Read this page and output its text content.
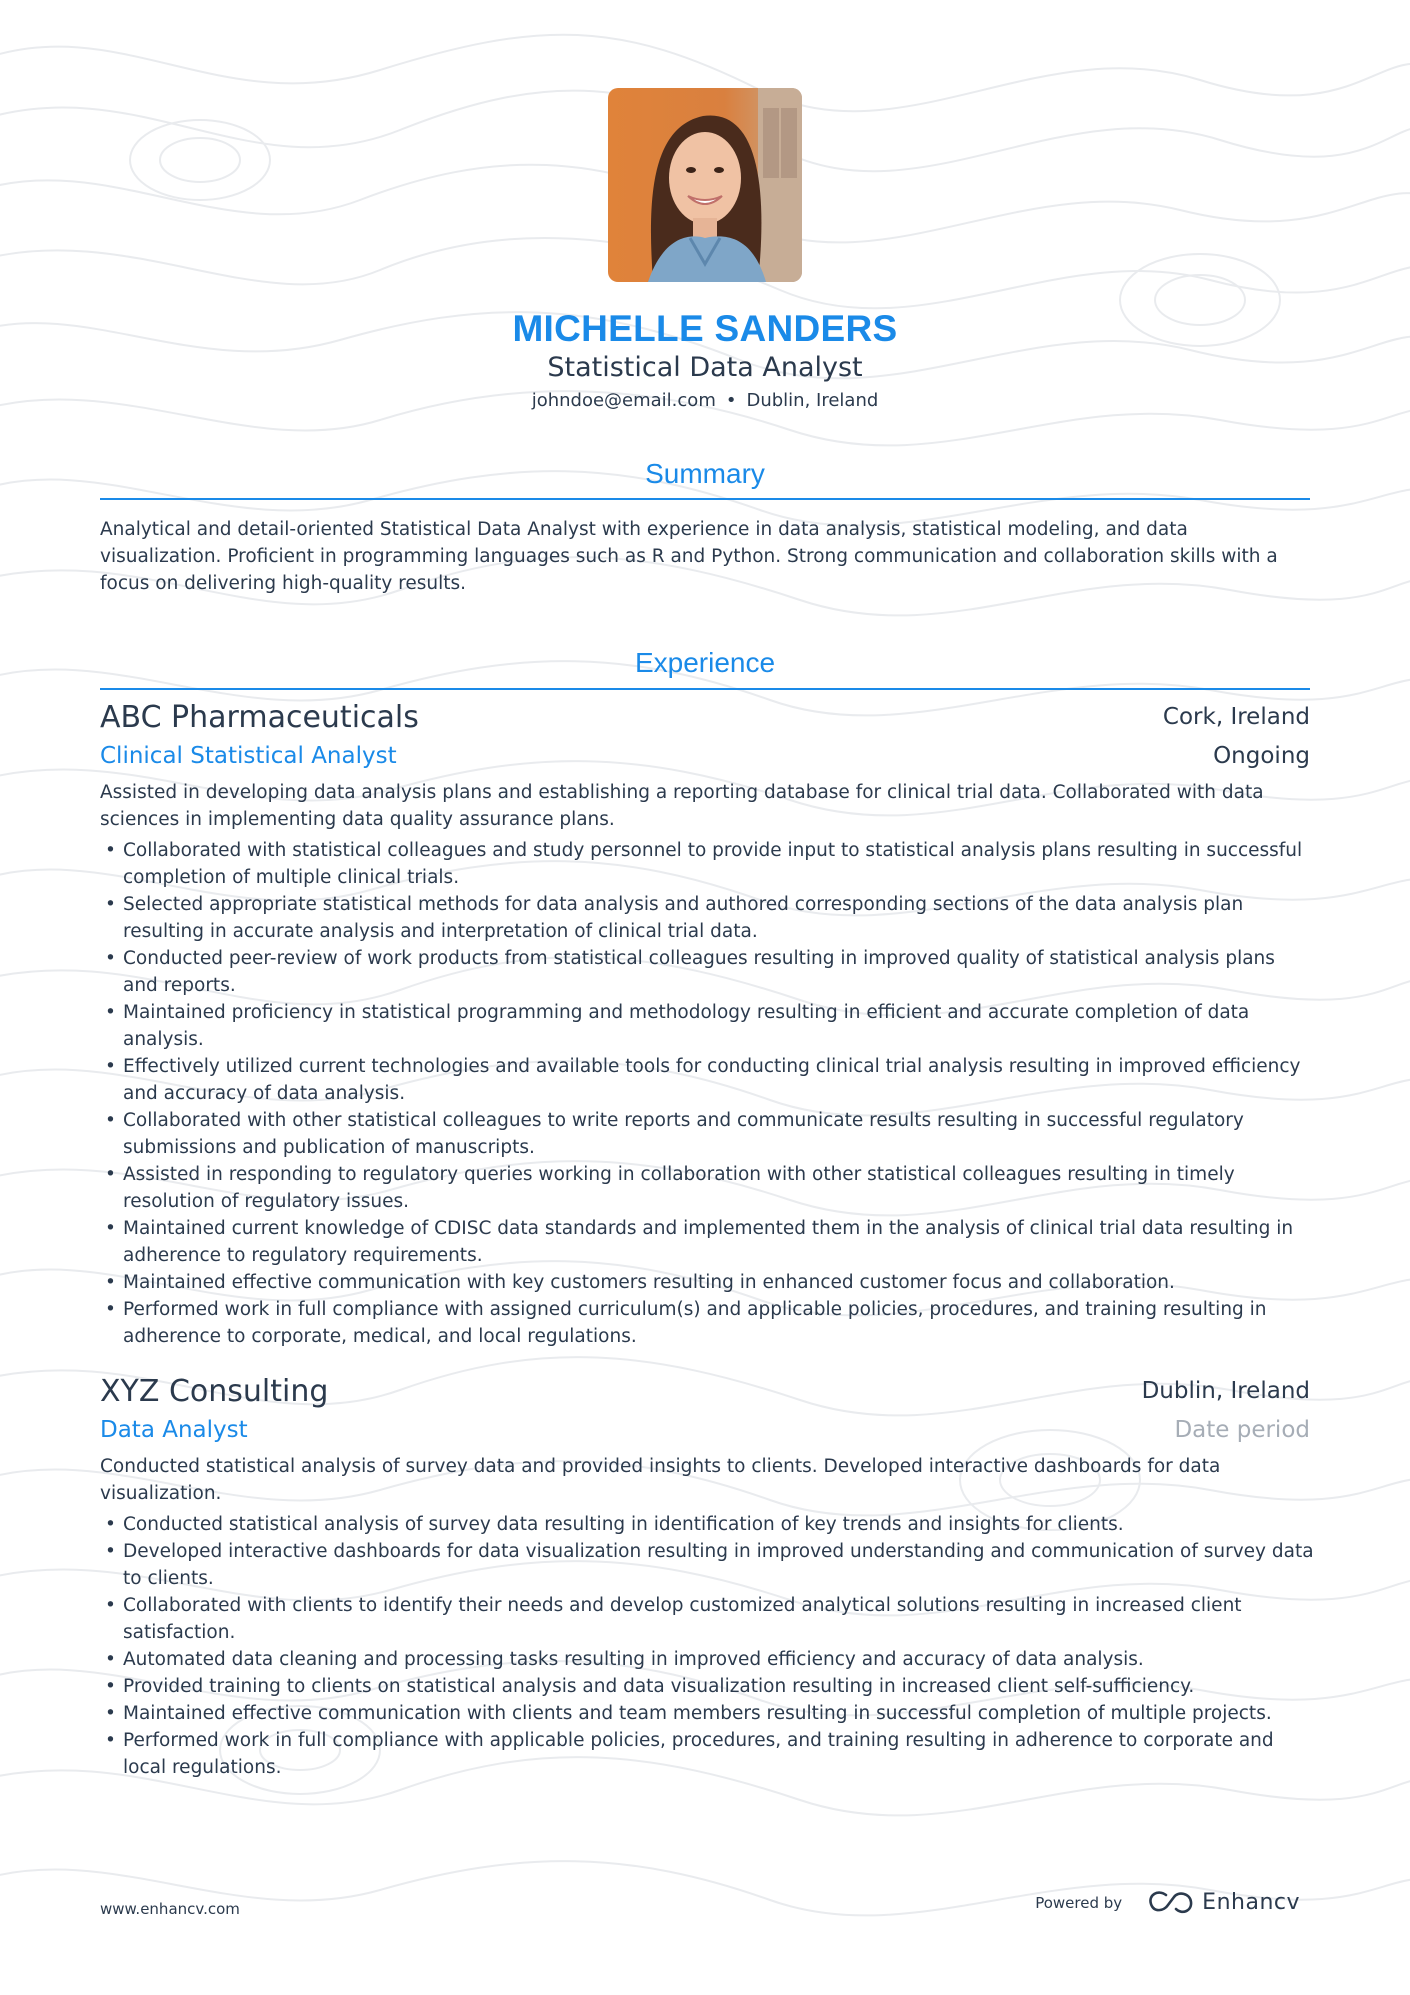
MICHELLE SANDERS
Statistical Data Analyst
johndoe@email.com • Dublin, Ireland
Summary
Analytical and detail-oriented Statistical Data Analyst with experience in data analysis, statistical modeling, and data visualization. Proficient in programming languages such as R and Python. Strong communication and collaboration skills with a focus on delivering high-quality results.
Experience
ABC Pharmaceuticals	Cork, Ireland
Clinical Statistical Analyst	Ongoing
Assisted in developing data analysis plans and establishing a reporting database for clinical trial data. Collaborated with data sciences in implementing data quality assurance plans.
• Collaborated with statistical colleagues and study personnel to provide input to statistical analysis plans resulting in successful completion of multiple clinical trials.
• Selected appropriate statistical methods for data analysis and authored corresponding sections of the data analysis plan resulting in accurate analysis and interpretation of clinical trial data.
• Conducted peer-review of work products from statistical colleagues resulting in improved quality of statistical analysis plans and reports.
• Maintained proficiency in statistical programming and methodology resulting in efficient and accurate completion of data analysis.
• Effectively utilized current technologies and available tools for conducting clinical trial analysis resulting in improved efficiency and accuracy of data analysis.
• Collaborated with other statistical colleagues to write reports and communicate results resulting in successful regulatory submissions and publication of manuscripts.
• Assisted in responding to regulatory queries working in collaboration with other statistical colleagues resulting in timely resolution of regulatory issues.
• Maintained current knowledge of CDISC data standards and implemented them in the analysis of clinical trial data resulting in adherence to regulatory requirements.
• Maintained effective communication with key customers resulting in enhanced customer focus and collaboration.
• Performed work in full compliance with assigned curriculum(s) and applicable policies, procedures, and training resulting in adherence to corporate, medical, and local regulations.
XYZ Consulting	Dublin, Ireland
Data Analyst	Date period
Conducted statistical analysis of survey data and provided insights to clients. Developed interactive dashboards for data visualization.
• Conducted statistical analysis of survey data resulting in identification of key trends and insights for clients.
• Developed interactive dashboards for data visualization resulting in improved understanding and communication of survey data to clients.
• Collaborated with clients to identify their needs and develop customized analytical solutions resulting in increased client satisfaction.
• Automated data cleaning and processing tasks resulting in improved efficiency and accuracy of data analysis.
• Provided training to clients on statistical analysis and data visualization resulting in increased client self-sufficiency.
• Maintained effective communication with clients and team members resulting in successful completion of multiple projects.
• Performed work in full compliance with applicable policies, procedures, and training resulting in adherence to corporate and local regulations.
www.enhancv.com	Powered by	Enhancv
